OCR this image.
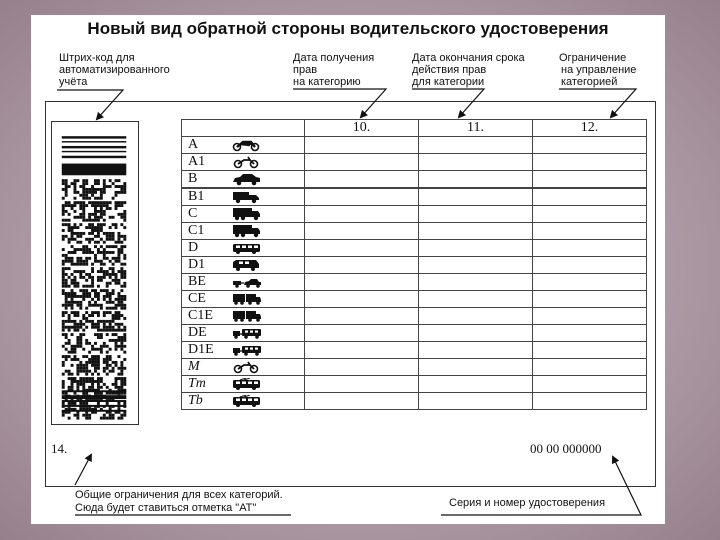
Новый вид обратной стороны водительского удостоверения
Штрих-код для
автоматизированного
учёта
Дата получения
прав
на категорию
Дата окончания срока
действия прав
для категории
Ограничение
на управление
категорией
		10.	11.	12.
A	

A1	

B	

B1	

C	

C1	

D	

D1	

BE	

CE	

C1E	

DE	

D1E	

M	

Tm	

Tb	

14.	00 00 000000
Общие ограничения для всех категорий.
Сюда будет ставиться отметка "АТ"	Серия и номер удостоверения
